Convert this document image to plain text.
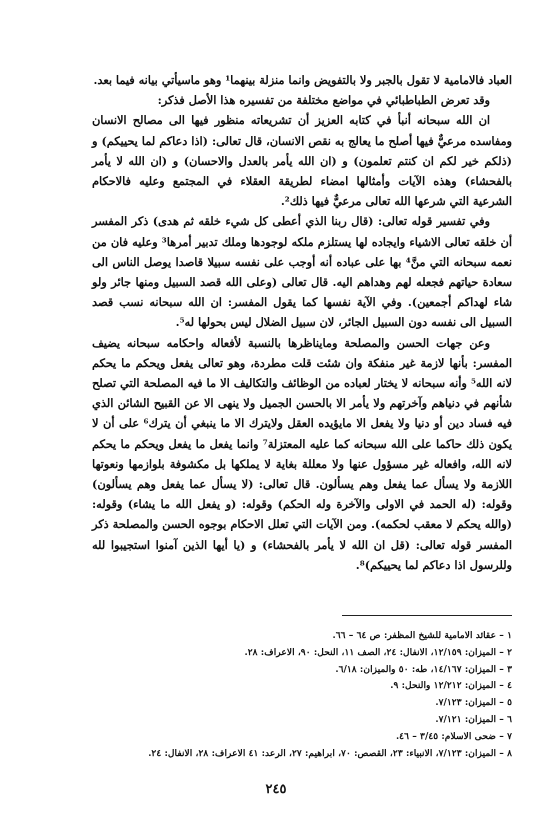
العباد فالامامية لا تقول بالجبر ولا بالتفويض وانما منزلة بينهما¹ وهو ماسيأتي بيانه فيما بعد.

وقد تعرض الطباطبائي في مواضع مختلفة من تفسيره هذا الأصل فذكر:

ان الله سبحانه أنبأ في كتابه العزيز أن تشريعاته منظور فيها الى مصالح الانسان ومفاسده مرعيٌّ فيها أصلح ما يعالج به نقص الانسان، قال تعالى: (اذا دعاكم لما يحييكم) و (ذلكم خير لكم ان كنتم تعلمون) و (ان الله يأمر بالعدل والاحسان) و (ان الله لا يأمر بالفحشاء) وهذه الآيات وأمثالها امضاء لطريقة العقلاء في المجتمع وعليه فالاحكام الشرعية التي شرعها الله تعالى مرعيٌّ فيها ذلك².

وفي تفسير قوله تعالى: (قال ربنا الذي أعطى كل شيء خلقه ثم هدى) ذكر المفسر أن خلقه تعالى الاشياء وايجاده لها يستلزم ملكه لوجودها وملك تدبير أمرها³ وعليه فان من نعمه سبحانه التي منَّ⁴ بها على عباده أنه أوجب على نفسه سبيلا قاصدا يوصل الناس الى سعادة حياتهم فجعله لهم وهداهم اليه. قال تعالى (وعلى الله قصد السبيل ومنها جائر ولو شاء لهداكم أجمعين). وفي الآية نفسها كما يقول المفسر: ان الله سبحانه نسب قصد السبيل الى نفسه دون السبيل الجائر، لان سبيل الضلال ليس بحولها له⁵.

وعن جهات الحسن والمصلحة ومايناظرها بالنسبة لأفعاله واحكامه سبحانه يضيف المفسر: بأنها لازمة غير منفكة وان شئت قلت مطردة، وهو تعالى يفعل ويحكم ما يحكم لانه الله⁵ وأنه سبحانه لا يختار لعباده من الوظائف والتكاليف الا ما فيه المصلحة التي تصلح شأنهم في دنياهم وآخرتهم ولا يأمر الا بالحسن الجميل ولا ينهى الا عن القبيح الشائن الذي فيه فساد دين أو دنيا ولا يفعل الا مايؤيده العقل ولايترك الا ما ينبغي أن يترك⁶ على أن لا يكون ذلك حاكما على الله سبحانه كما عليه المعتزلة⁷ وانما يفعل ما يفعل ويحكم ما يحكم لانه الله، وافعاله غير مسؤول عنها ولا معللة بغاية لا يملكها بل مكشوفة بلوازمها ونعوتها اللازمة ولا يسأل عما يفعل وهم يسألون. قال تعالى: (لا يسأل عما يفعل وهم يسألون) وقوله: (له الحمد في الاولى والآخرة وله الحكم) وقوله: (و يفعل الله ما يشاء) وقوله: (والله يحكم لا معقب لحكمه). ومن الآيات التي تعلل الاحكام بوجوه الحسن والمصلحة ذكر المفسر قوله تعالى: (قل ان الله لا يأمر بالفحشاء) و (يا أيها الذين آمنوا استجيبوا لله وللرسول اذا دعاكم لما يحييكم)⁸.

١ – عقائد الامامية للشيخ المظفر: ص ٦٤ – ٦٦.
٢ – الميزان: ١٢/١٥٩، الانفال: ٢٤، الصف ١١، النحل: ٩٠، الاعراف: ٢٨.
٣ – الميزان: ١٤/١٦٧، طه: ٥٠ والميزان: ٦/١٨.
٤ – الميزان: ١٢/٢١٢ والنحل: ٩.
٥ – الميزان: ٧/١٢٣.
٦ – الميزان: ٧/١٢١.
٧ – ضحى الاسلام: ٣/٤٥ – ٤٦.
٨ – الميزان: ٧/١٢٣، الانبياء: ٢٣، القصص: ٧٠، ابراهيم: ٢٧، الرعد: ٤١ الاعراف: ٢٨، الانفال: ٢٤.
٢٤٥
